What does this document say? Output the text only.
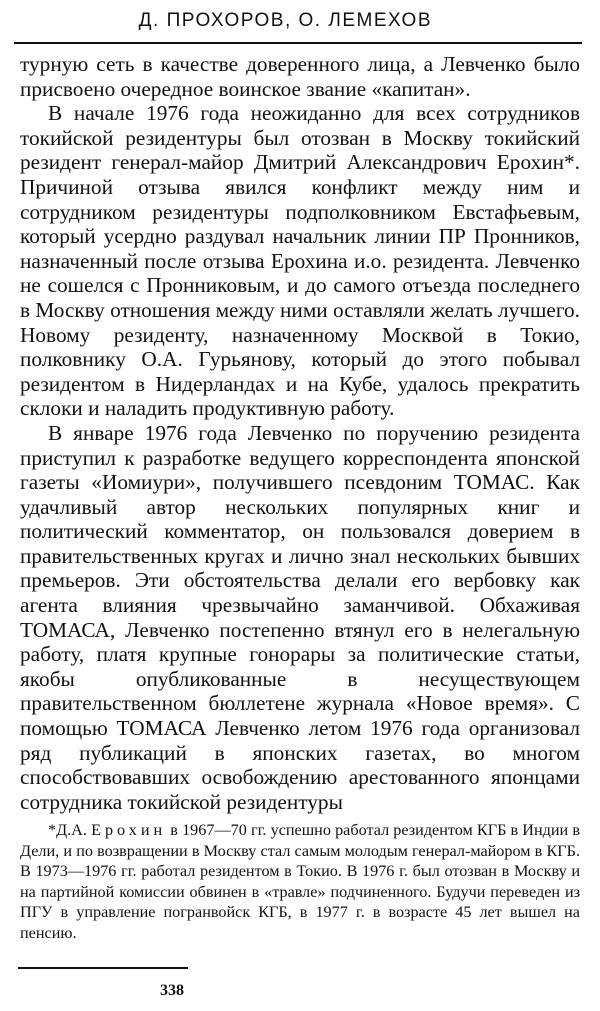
Д. ПРОХОРОВ, О. ЛЕМЕХОВ

турную сеть в качестве доверенного лица, а Левченко было присвоено очередное воинское звание «капитан».

В начале 1976 года неожиданно для всех сотрудников токийской резидентуры был отозван в Москву токийский резидент генерал-майор Дмитрий Александрович Ерохин*. Причиной отзыва явился конфликт между ним и сотрудником резидентуры подполковником Евстафьевым, который усердно раздувал начальник линии ПР Пронников, назначенный после отзыва Ерохина и.о. резидента. Левченко не сошелся с Пронниковым, и до самого отъезда последнего в Москву отношения между ними оставляли желать лучшего. Новому резиденту, назначенному Москвой в Токио, полковнику О.А. Гурьянову, который до этого побывал резидентом в Нидерландах и на Кубе, удалось прекратить склоки и наладить продуктивную работу.

В январе 1976 года Левченко по поручению резидента приступил к разработке ведущего корреспондента японской газеты «Иомиури», получившего псевдоним ТОМАС. Как удачливый автор нескольких популярных книг и политический комментатор, он пользовался доверием в правительственных кругах и лично знал нескольких бывших премьеров. Эти обстоятельства делали его вербовку как агента влияния чрезвычайно заманчивой. Обхаживая ТОМАСА, Левченко постепенно втянул его в нелегальную работу, платя крупные гонорары за политические статьи, якобы опубликованные в несуществующем правительственном бюллетене журнала «Новое время». С помощью ТОМАСА Левченко летом 1976 года организовал ряд публикаций в японских газетах, во многом способствовавших освобождению арестованного японцами сотрудника токийской резидентуры

*Д.А. Ерохин в 1967—70 гг. успешно работал резидентом КГБ в Индии в Дели, и по возвращении в Москву стал самым молодым генерал-майором в КГБ. В 1973—1976 гг. работал резидентом в Токио. В 1976 г. был отозван в Москву и на партийной комиссии обвинен в «травле» подчиненного. Будучи переведен из ПГУ в управление погранвойск КГБ, в 1977 г. в возрасте 45 лет вышел на пенсию.

338
